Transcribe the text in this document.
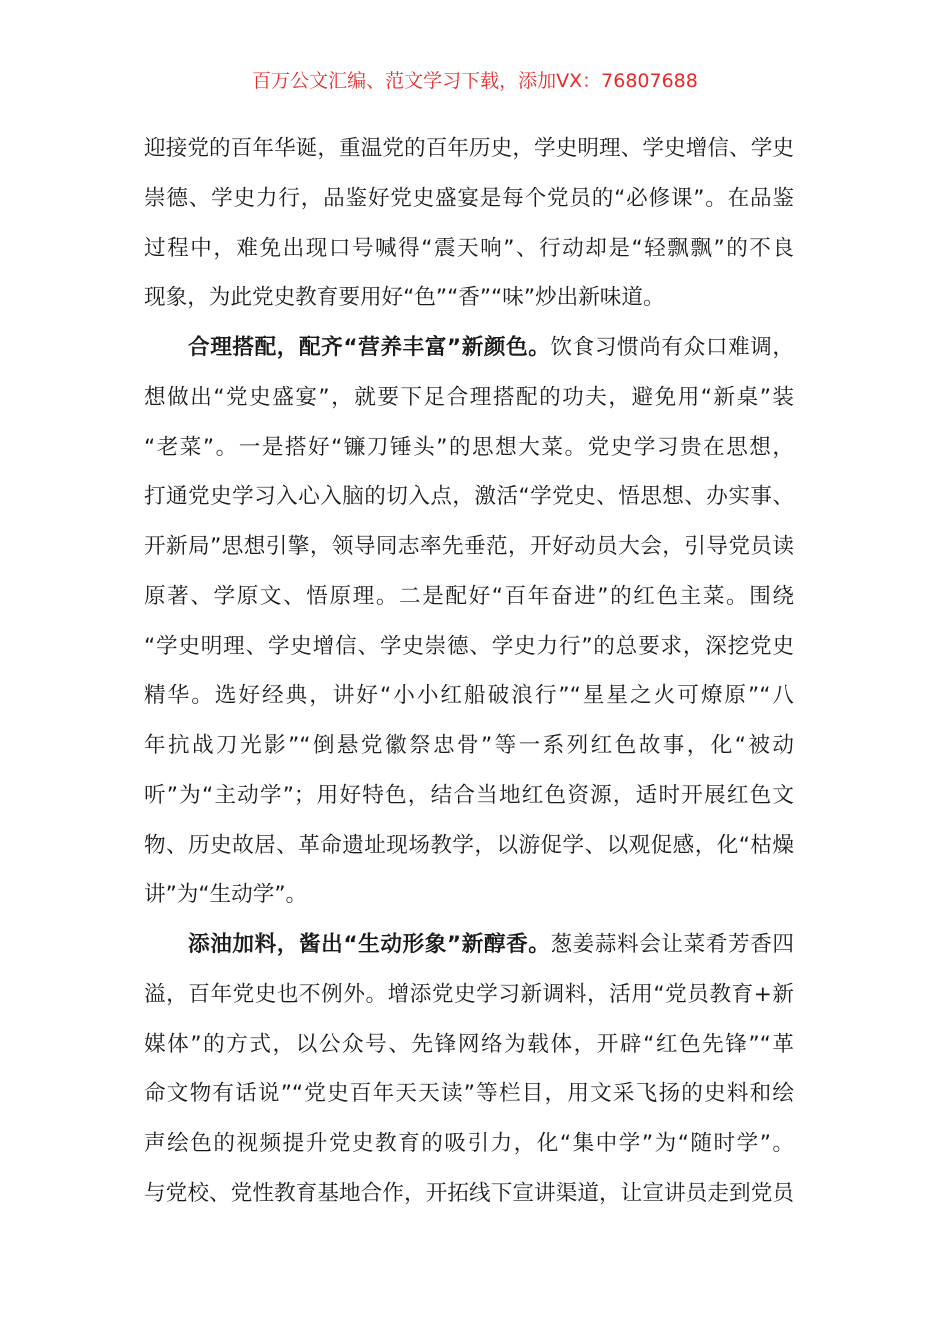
百万公文汇编、范文学习下载，添加VX：76807688
迎接党的百年华诞，重温党的百年历史，学史明理、学史增信、学史
崇德、学史力行，品鉴好党史盛宴是每个党员的“必修课”。在品鉴
过程中，难免出现口号喊得“震天响”、行动却是“轻飘飘”的不良
现象，为此党史教育要用好“色”“香”“味”炒出新味道。
合理搭配，配齐“营养丰富”新颜色。饮食习惯尚有众口难调，
想做出“党史盛宴”，就要下足合理搭配的功夫，避免用“新桌”装
“老菜”。一是搭好“镰刀锤头”的思想大菜。党史学习贵在思想，
打通党史学习入心入脑的切入点，激活“学党史、悟思想、办实事、
开新局”思想引擎，领导同志率先垂范，开好动员大会，引导党员读
原著、学原文、悟原理。二是配好“百年奋进”的红色主菜。围绕
“学史明理、学史增信、学史崇德、学史力行”的总要求，深挖党史
精华。选好经典，讲好“小小红船破浪行”“星星之火可燎原”“八
年抗战刀光影”“倒悬党徽祭忠骨”等一系列红色故事，化“被动
听”为“主动学”；用好特色，结合当地红色资源，适时开展红色文
物、历史故居、革命遗址现场教学，以游促学、以观促感，化“枯燥
讲”为“生动学”。
添油加料，酱出“生动形象”新醇香。葱姜蒜料会让菜肴芳香四
溢，百年党史也不例外。增添党史学习新调料，活用“党员教育+新
媒体”的方式，以公众号、先锋网络为载体，开辟“红色先锋”“革
命文物有话说”“党史百年天天读”等栏目，用文采飞扬的史料和绘
声绘色的视频提升党史教育的吸引力，化“集中学”为“随时学”。
与党校、党性教育基地合作，开拓线下宣讲渠道，让宣讲员走到党员
